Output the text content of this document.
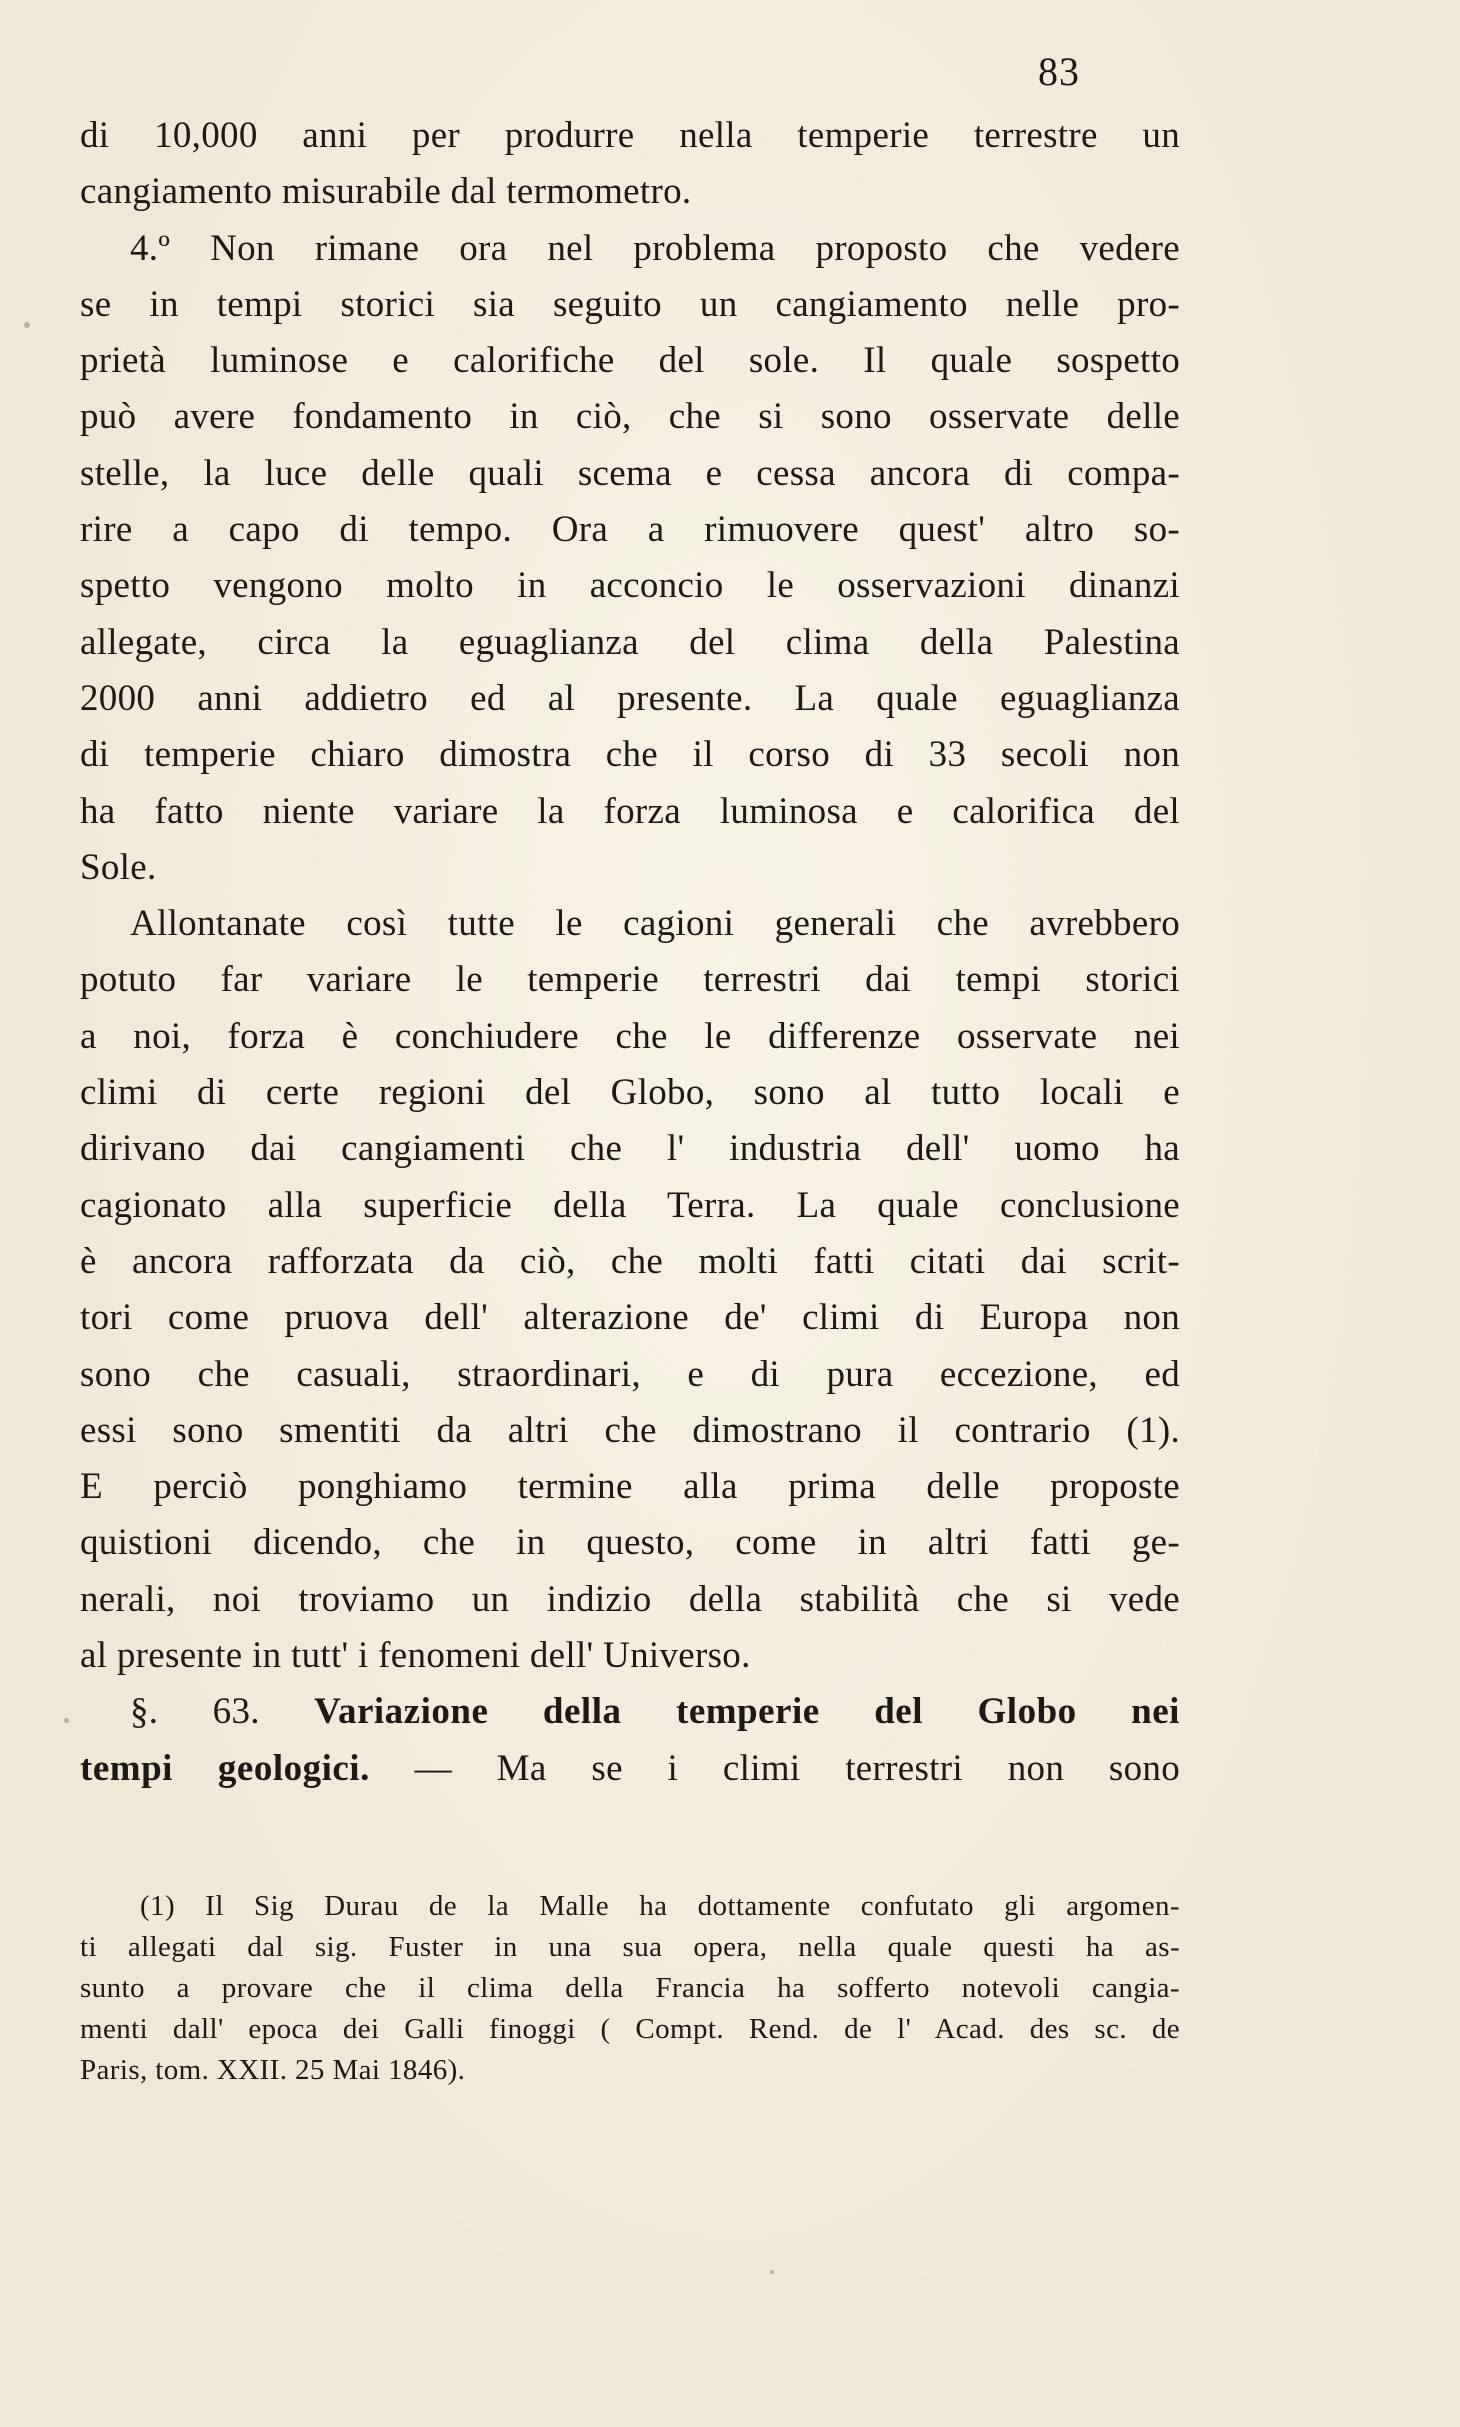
83
di 10,000 anni per produrre nella temperie terrestre un
cangiamento misurabile dal termometro.
4.º Non rimane ora nel problema proposto che vedere
se in tempi storici sia seguito un cangiamento nelle pro-
prietà luminose e calorifiche del sole. Il quale sospetto
può avere fondamento in ciò, che si sono osservate delle
stelle, la luce delle quali scema e cessa ancora di compa-
rire a capo di tempo. Ora a rimuovere quest' altro so-
spetto vengono molto in acconcio le osservazioni dinanzi
allegate, circa la eguaglianza del clima della Palestina
2000 anni addietro ed al presente. La quale eguaglianza
di temperie chiaro dimostra che il corso di 33 secoli non
ha fatto niente variare la forza luminosa e calorifica del
Sole.
Allontanate così tutte le cagioni generali che avrebbero
potuto far variare le temperie terrestri dai tempi storici
a noi, forza è conchiudere che le differenze osservate nei
climi di certe regioni del Globo, sono al tutto locali e
dirivano dai cangiamenti che l' industria dell' uomo ha
cagionato alla superficie della Terra. La quale conclusione
è ancora rafforzata da ciò, che molti fatti citati dai scrit-
tori come pruova dell' alterazione de' climi di Europa non
sono che casuali, straordinari, e di pura eccezione, ed
essi sono smentiti da altri che dimostrano il contrario (1).
E perciò ponghiamo termine alla prima delle proposte
quistioni dicendo, che in questo, come in altri fatti ge-
nerali, noi troviamo un indizio della stabilità che si vede
al presente in tutt' i fenomeni dell' Universo.
§. 63. Variazione della temperie del Globo nei
tempi geologici. — Ma se i climi terrestri non sono
(1) Il Sig Durau de la Malle ha dottamente confutato gli argomen-
ti allegati dal sig. Fuster in una sua opera, nella quale questi ha as-
sunto a provare che il clima della Francia ha sofferto notevoli cangia-
menti dall' epoca dei Galli finoggi ( Compt. Rend. de l' Acad. des sc. de
Paris, tom. XXII. 25 Mai 1846).
